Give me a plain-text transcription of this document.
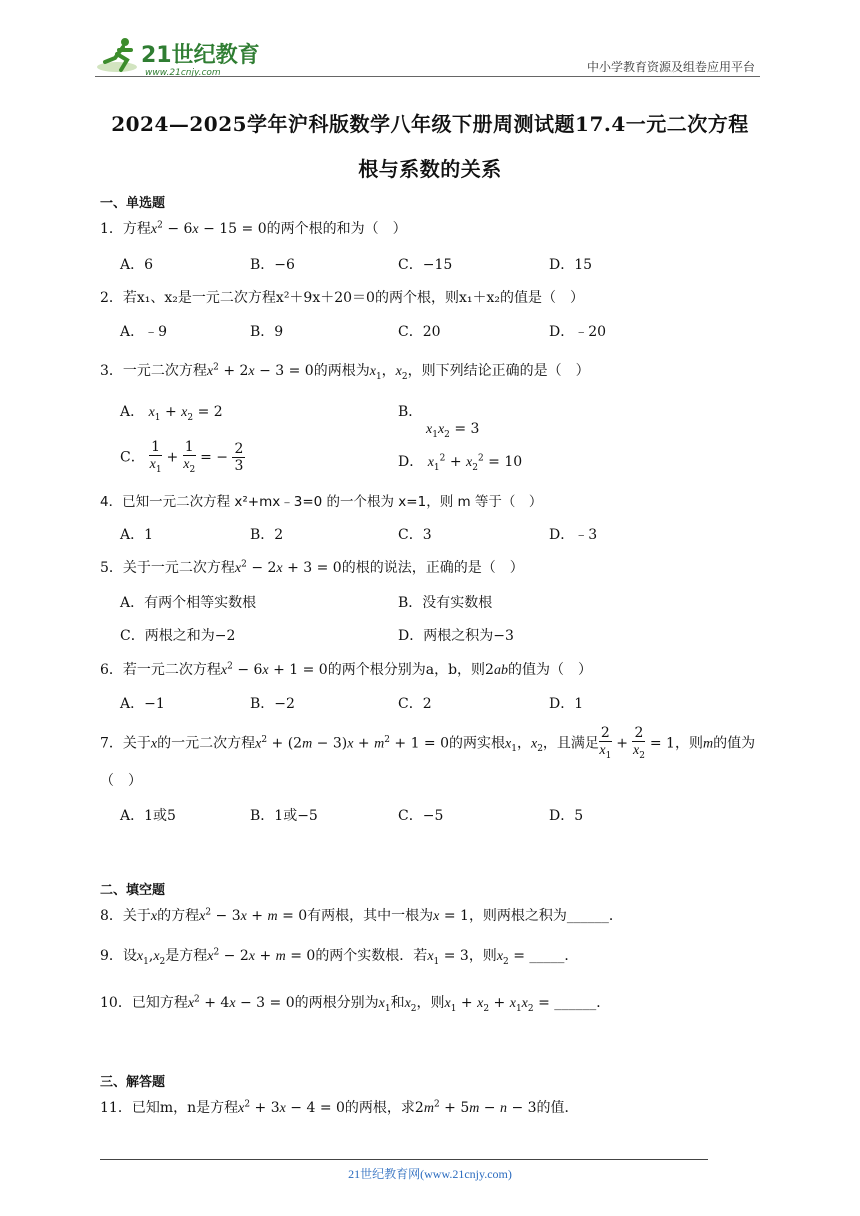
21世纪教育
www.21cnjy.com	中小学教育资源及组卷应用平台
2024—2025学年沪科版数学八年级下册周测试题17.4一元二次方程
根与系数的关系
一、单选题
1．方程$x^2 - 6x - 15 = 0$的两个根的和为（　）
A．6	B．−6	C．−15	D．15
2．若x₁、x₂是一元二次方程x²＋9x＋20＝0的两个根，则x₁＋x₂的值是（　）
A．﹣9	B．9	C．20	D．﹣20
3．一元二次方程$x^2 + 2x - 3 = 0$的两根为$x_1$，$x_2$，则下列结论正确的是（　）
A． $x_1 + x_2 = 2$	B．
$x_1x_2 = 3$
C． $\frac{1}{x_1} + \frac{1}{x_2}$ = − $\frac{2}{3}$	D． $x_1^2 + x_2^2 = 10$
4．已知一元二次方程 x²+mx﹣3=0 的一个根为 x=1，则 m 等于（　）
A．1	B．2	C．3	D．﹣3
5．关于一元二次方程$x^2 - 2x + 3 = 0$的根的说法，正确的是（　）
A．有两个相等实数根	B．没有实数根
C．两根之和为−2	D．两根之积为−3
6．若一元二次方程$x^2 - 6x + 1 = 0$的两个根分别为a，b，则2ab的值为（　）
A．−1	B．−2	C．2	D．1
7．关于x的一元二次方程$x^2 + (2m - 3)x + m^2 + 1 = 0$的两实根$x_1$，$x_2$，且满足 $\frac{2}{x_1} + \frac{2}{x_2} = 1$，则m的值为
（　）
A．1或5	B．1或−5	C．−5	D．5
二、填空题
8．关于x的方程$x^2 - 3x + m = 0$有两根，其中一根为x = 1，则两根之积为______．
9．设$x_1,x_2$是方程$x^2 - 2x + m = 0$的两个实数根．若$x_1 = 3$，则$x_2$ = _____．
10．已知方程$x^2 + 4x - 3 = 0$的两根分别为$x_1$和$x_2$，则$x_1 + x_2 + x_1x_2$ = ______．
三、解答题
11．已知m，n是方程$x^2 + 3x - 4 = 0$的两根，求$2m^2 + 5m - n - 3$的值．
21世纪教育网(www.21cnjy.com)
